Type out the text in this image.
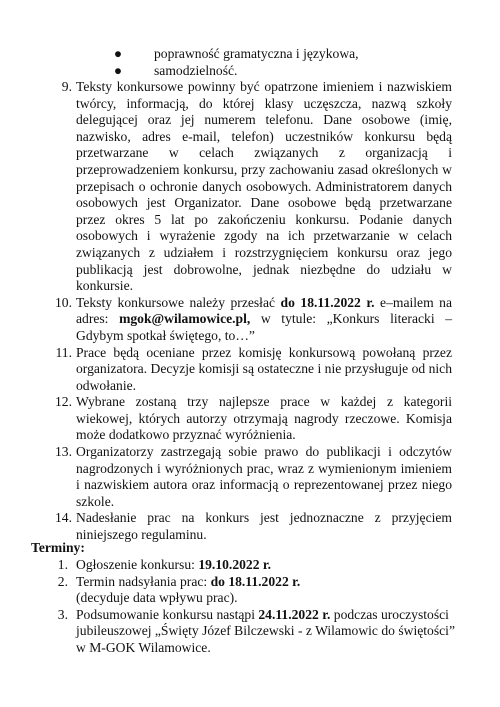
● poprawność gramatyczna i językowa,
● samodzielność.
9. Teksty konkursowe powinny być opatrzone imieniem i nazwiskiem twórcy, informacją, do której klasy uczęszcza, nazwą szkoły delegującej oraz jej numerem telefonu. Dane osobowe (imię, nazwisko, adres e-mail, telefon) uczestników konkursu będą przetwarzane w celach związanych z organizacją i przeprowadzeniem konkursu, przy zachowaniu zasad określonych w przepisach o ochronie danych osobowych. Administratorem danych osobowych jest Organizator. Dane osobowe będą przetwarzane przez okres 5 lat po zakończeniu konkursu. Podanie danych osobowych i wyrażenie zgody na ich przetwarzanie w celach związanych z udziałem i rozstrzygnięciem konkursu oraz jego publikacją jest dobrowolne, jednak niezbędne do udziału w konkursie.
10. Teksty konkursowe należy przesłać do 18.11.2022 r. e–mailem na adres: mgok@wilamowice.pl, w tytule: „Konkurs literacki – Gdybym spotkał świętego, to…”
11. Prace będą oceniane przez komisję konkursową powołaną przez organizatora. Decyzje komisji są ostateczne i nie przysługuje od nich odwołanie.
12. Wybrane zostaną trzy najlepsze prace w każdej z kategorii wiekowej, których autorzy otrzymają nagrody rzeczowe. Komisja może dodatkowo przyznać wyróżnienia.
13. Organizatorzy zastrzegają sobie prawo do publikacji i odczytów nagrodzonych i wyróżnionych prac, wraz z wymienionym imieniem i nazwiskiem autora oraz informacją o reprezentowanej przez niego szkole.
14. Nadesłanie prac na konkurs jest jednoznaczne z przyjęciem niniejszego regulaminu.
Terminy:
1. Ogłoszenie konkursu: 19.10.2022 r.
2. Termin nadsyłania prac: do 18.11.2022 r.
(decyduje data wpływu prac).
3. Podsumowanie konkursu nastąpi 24.11.2022 r. podczas uroczystości jubileuszowej „Święty Józef Bilczewski - z Wilamowic do świętości” w M-GOK Wilamowice.
